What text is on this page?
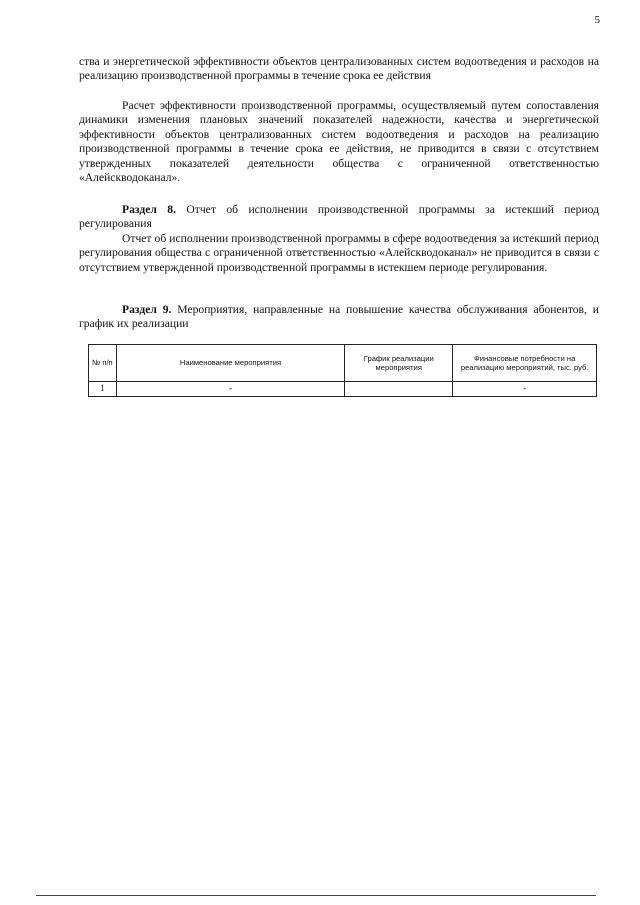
5

ства и энергетической эффективности объектов централизованных систем водоотведения и расходов на реализацию производственной программы в течение срока ее действия

Расчет эффективности производственной программы, осуществляемый путем сопоставления динамики изменения плановых значений показателей надежности, качества и энергетической эффективности объектов централизованных систем водоотведения и расходов на реализацию производственной программы в течение срока ее действия, не приводится в связи с отсутствием утвержденных показателей деятельности общества с ограниченной ответственностью «Алейскводоканал».

Раздел 8. Отчет об исполнении производственной программы за истекший период регулирования

Отчет об исполнении производственной программы в сфере водоотведения за истекший период регулирования общества с ограниченной ответственностью «Алейскводоканал» не приводится в связи с отсутствием утвержденной производственной программы в истекшем периоде регулирования.

Раздел 9. Мероприятия, направленные на повышение качества обслуживания абонентов, и график их реализации

№ п/п	Наименование мероприятия	График реализации мероприятия	Финансовые потребности на реализацию мероприятий, тыс. руб.
1	-		-
